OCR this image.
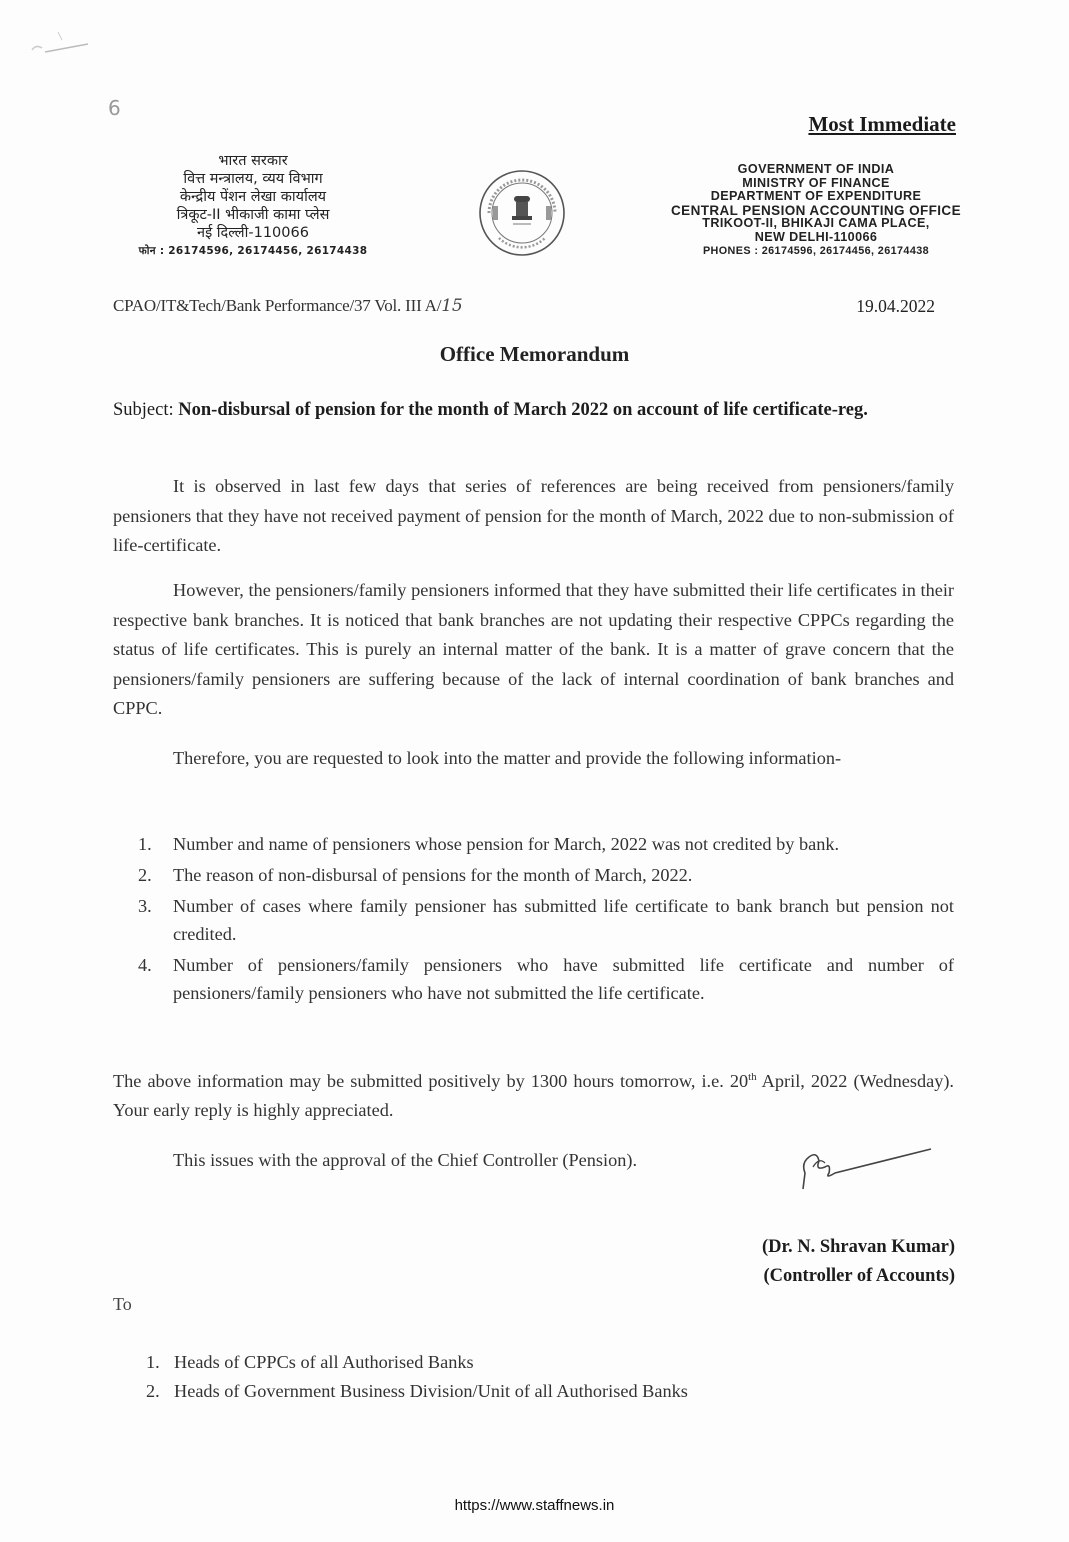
6
Most Immediate
भारत सरकार
वित्त मन्त्रालय, व्यय विभाग
केन्द्रीय पेंशन लेखा कार्यालय
त्रिकूट-II भीकाजी कामा प्लेस
नई दिल्ली-110066
फोन : 26174596, 26174456, 26174438
GOVERNMENT OF INDIA
MINISTRY OF FINANCE
DEPARTMENT OF EXPENDITURE
CENTRAL PENSION ACCOUNTING OFFICE
TRIKOOT-II, BHIKAJI CAMA PLACE,
NEW DELHI-110066
PHONES : 26174596, 26174456, 26174438
CPAO/IT&Tech/Bank Performance/37 Vol. III A/15	19.04.2022
Office Memorandum
Subject: Non-disbursal of pension for the month of March 2022 on account of life certificate-reg.
It is observed in last few days that series of references are being received from pensioners/family pensioners that they have not received payment of pension for the month of March, 2022 due to non-submission of life-certificate.
However, the pensioners/family pensioners informed that they have submitted their life certificates in their respective bank branches. It is noticed that bank branches are not updating their respective CPPCs regarding the status of life certificates. This is purely an internal matter of the bank. It is a matter of grave concern that the pensioners/family pensioners are suffering because of the lack of internal coordination of bank branches and CPPC.
Therefore, you are requested to look into the matter and provide the following information-
1. Number and name of pensioners whose pension for March, 2022 was not credited by bank.
2. The reason of non-disbursal of pensions for the month of March, 2022.
3. Number of cases where family pensioner has submitted life certificate to bank branch but pension not credited.
4. Number of pensioners/family pensioners who have submitted life certificate and number of pensioners/family pensioners who have not submitted the life certificate.
The above information may be submitted positively by 1300 hours tomorrow, i.e. 20th April, 2022 (Wednesday). Your early reply is highly appreciated.
This issues with the approval of the Chief Controller (Pension).
(Dr. N. Shravan Kumar)
(Controller of Accounts)
To
1. Heads of CPPCs of all Authorised Banks
2. Heads of Government Business Division/Unit of all Authorised Banks
https://www.staffnews.in
